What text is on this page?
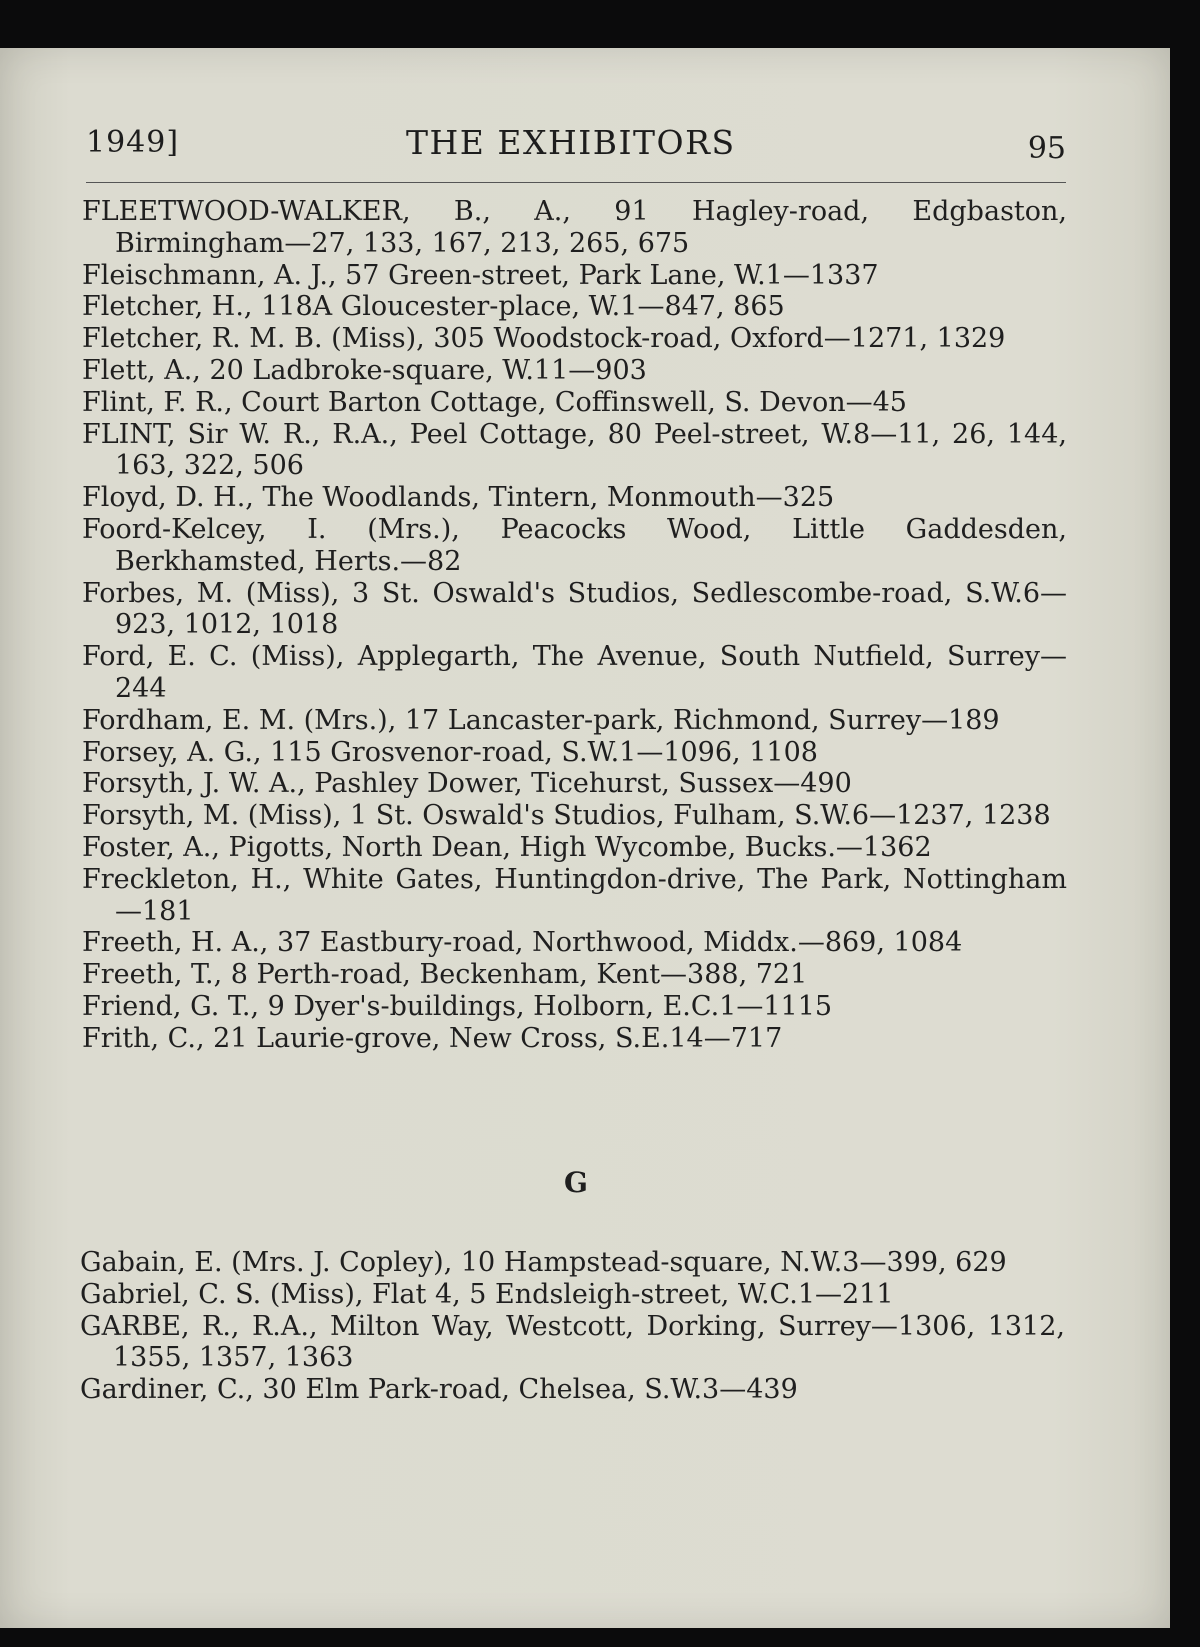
1949]	THE EXHIBITORS	95
FLEETWOOD-WALKER, B., A., 91 Hagley-road, Edgbaston, Birmingham—27, 133, 167, 213, 265, 675
Fleischmann, A. J., 57 Green-street, Park Lane, W.1—1337
Fletcher, H., 118A Gloucester-place, W.1—847, 865
Fletcher, R. M. B. (Miss), 305 Woodstock-road, Oxford—1271, 1329
Flett, A., 20 Ladbroke-square, W.11—903
Flint, F. R., Court Barton Cottage, Coffinswell, S. Devon—45
FLINT, Sir W. R., R.A., Peel Cottage, 80 Peel-street, W.8—11, 26, 144, 163, 322, 506
Floyd, D. H., The Woodlands, Tintern, Monmouth—325
Foord-Kelcey, I. (Mrs.), Peacocks Wood, Little Gaddesden, Berkhamsted, Herts.—82
Forbes, M. (Miss), 3 St. Oswald's Studios, Sedlescombe-road, S.W.6—923, 1012, 1018
Ford, E. C. (Miss), Applegarth, The Avenue, South Nutfield, Surrey—244
Fordham, E. M. (Mrs.), 17 Lancaster-park, Richmond, Surrey—189
Forsey, A. G., 115 Grosvenor-road, S.W.1—1096, 1108
Forsyth, J. W. A., Pashley Dower, Ticehurst, Sussex—490
Forsyth, M. (Miss), 1 St. Oswald's Studios, Fulham, S.W.6—1237, 1238
Foster, A., Pigotts, North Dean, High Wycombe, Bucks.—1362
Freckleton, H., White Gates, Huntingdon-drive, The Park, Nottingham—181
Freeth, H. A., 37 Eastbury-road, Northwood, Middx.—869, 1084
Freeth, T., 8 Perth-road, Beckenham, Kent—388, 721
Friend, G. T., 9 Dyer's-buildings, Holborn, E.C.1—1115
Frith, C., 21 Laurie-grove, New Cross, S.E.14—717
G
Gabain, E. (Mrs. J. Copley), 10 Hampstead-square, N.W.3—399, 629
Gabriel, C. S. (Miss), Flat 4, 5 Endsleigh-street, W.C.1—211
GARBE, R., R.A., Milton Way, Westcott, Dorking, Surrey—1306, 1312, 1355, 1357, 1363
Gardiner, C., 30 Elm Park-road, Chelsea, S.W.3—439
